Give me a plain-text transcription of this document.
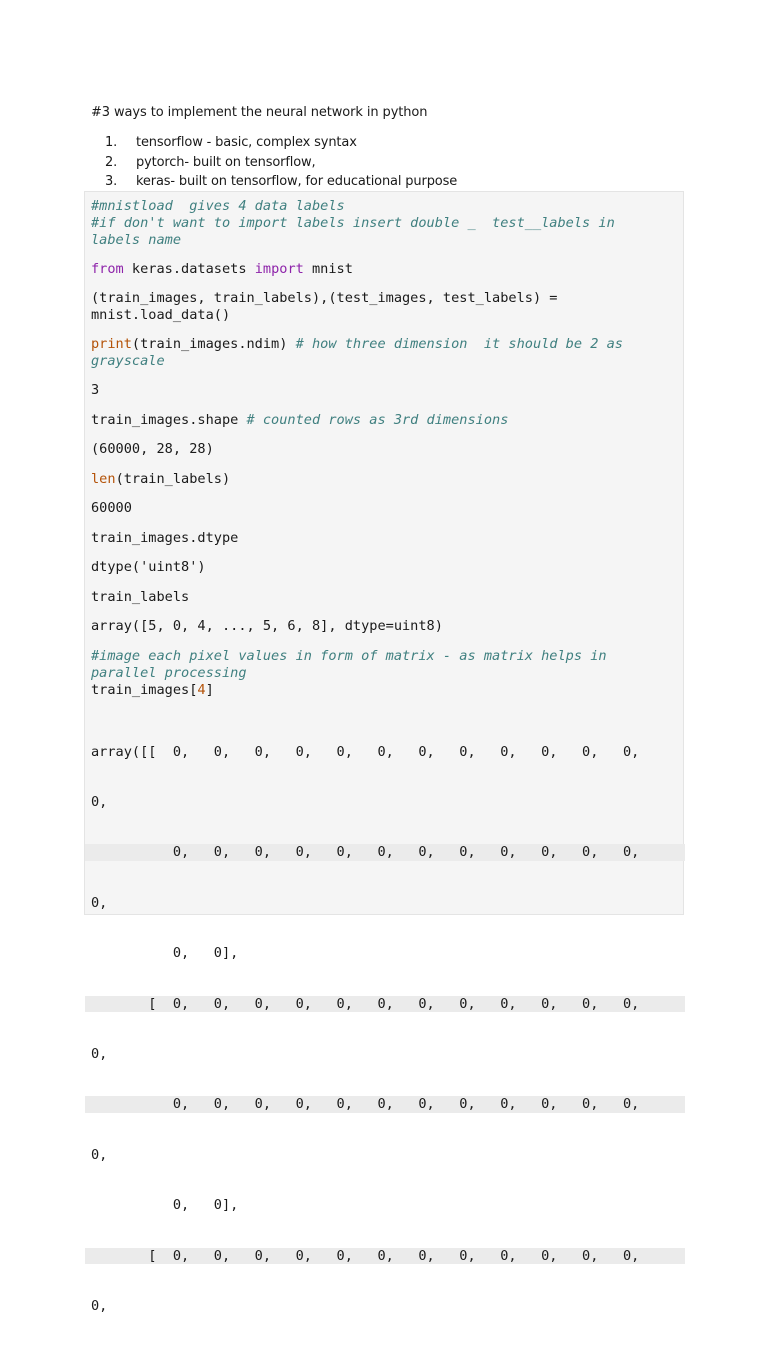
#3 ways to implement the neural network in python

1.	tensorflow - basic, complex syntax
2.	pytorch- built on tensorflow,
3.	keras- built on tensorflow, for educational purpose
#mnistload  gives 4 data labels
#if don't want to import labels insert double _  test__labels in
labels name
from keras.datasets import mnist
(train_images, train_labels),(test_images, test_labels) =
mnist.load_data()
print(train_images.ndim) # how three dimension  it should be 2 as
grayscale
3
train_images.shape # counted rows as 3rd dimensions
(60000, 28, 28)
len(train_labels)
60000
train_images.dtype
dtype('uint8')
train_labels
array([5, 0, 4, ..., 5, 6, 8], dtype=uint8)
#image each pixel values in form of matrix - as matrix helps in
parallel processing
train_images[4]

array([[  0,   0,   0,   0,   0,   0,   0,   0,   0,   0,   0,   0,

0,

0,   0,   0,   0,   0,   0,   0,   0,   0,   0,   0,   0,

0,

0,   0],

[  0,   0,   0,   0,   0,   0,   0,   0,   0,   0,   0,   0,

0,

0,   0,   0,   0,   0,   0,   0,   0,   0,   0,   0,   0,

0,

0,   0],

[  0,   0,   0,   0,   0,   0,   0,   0,   0,   0,   0,   0,

0,
